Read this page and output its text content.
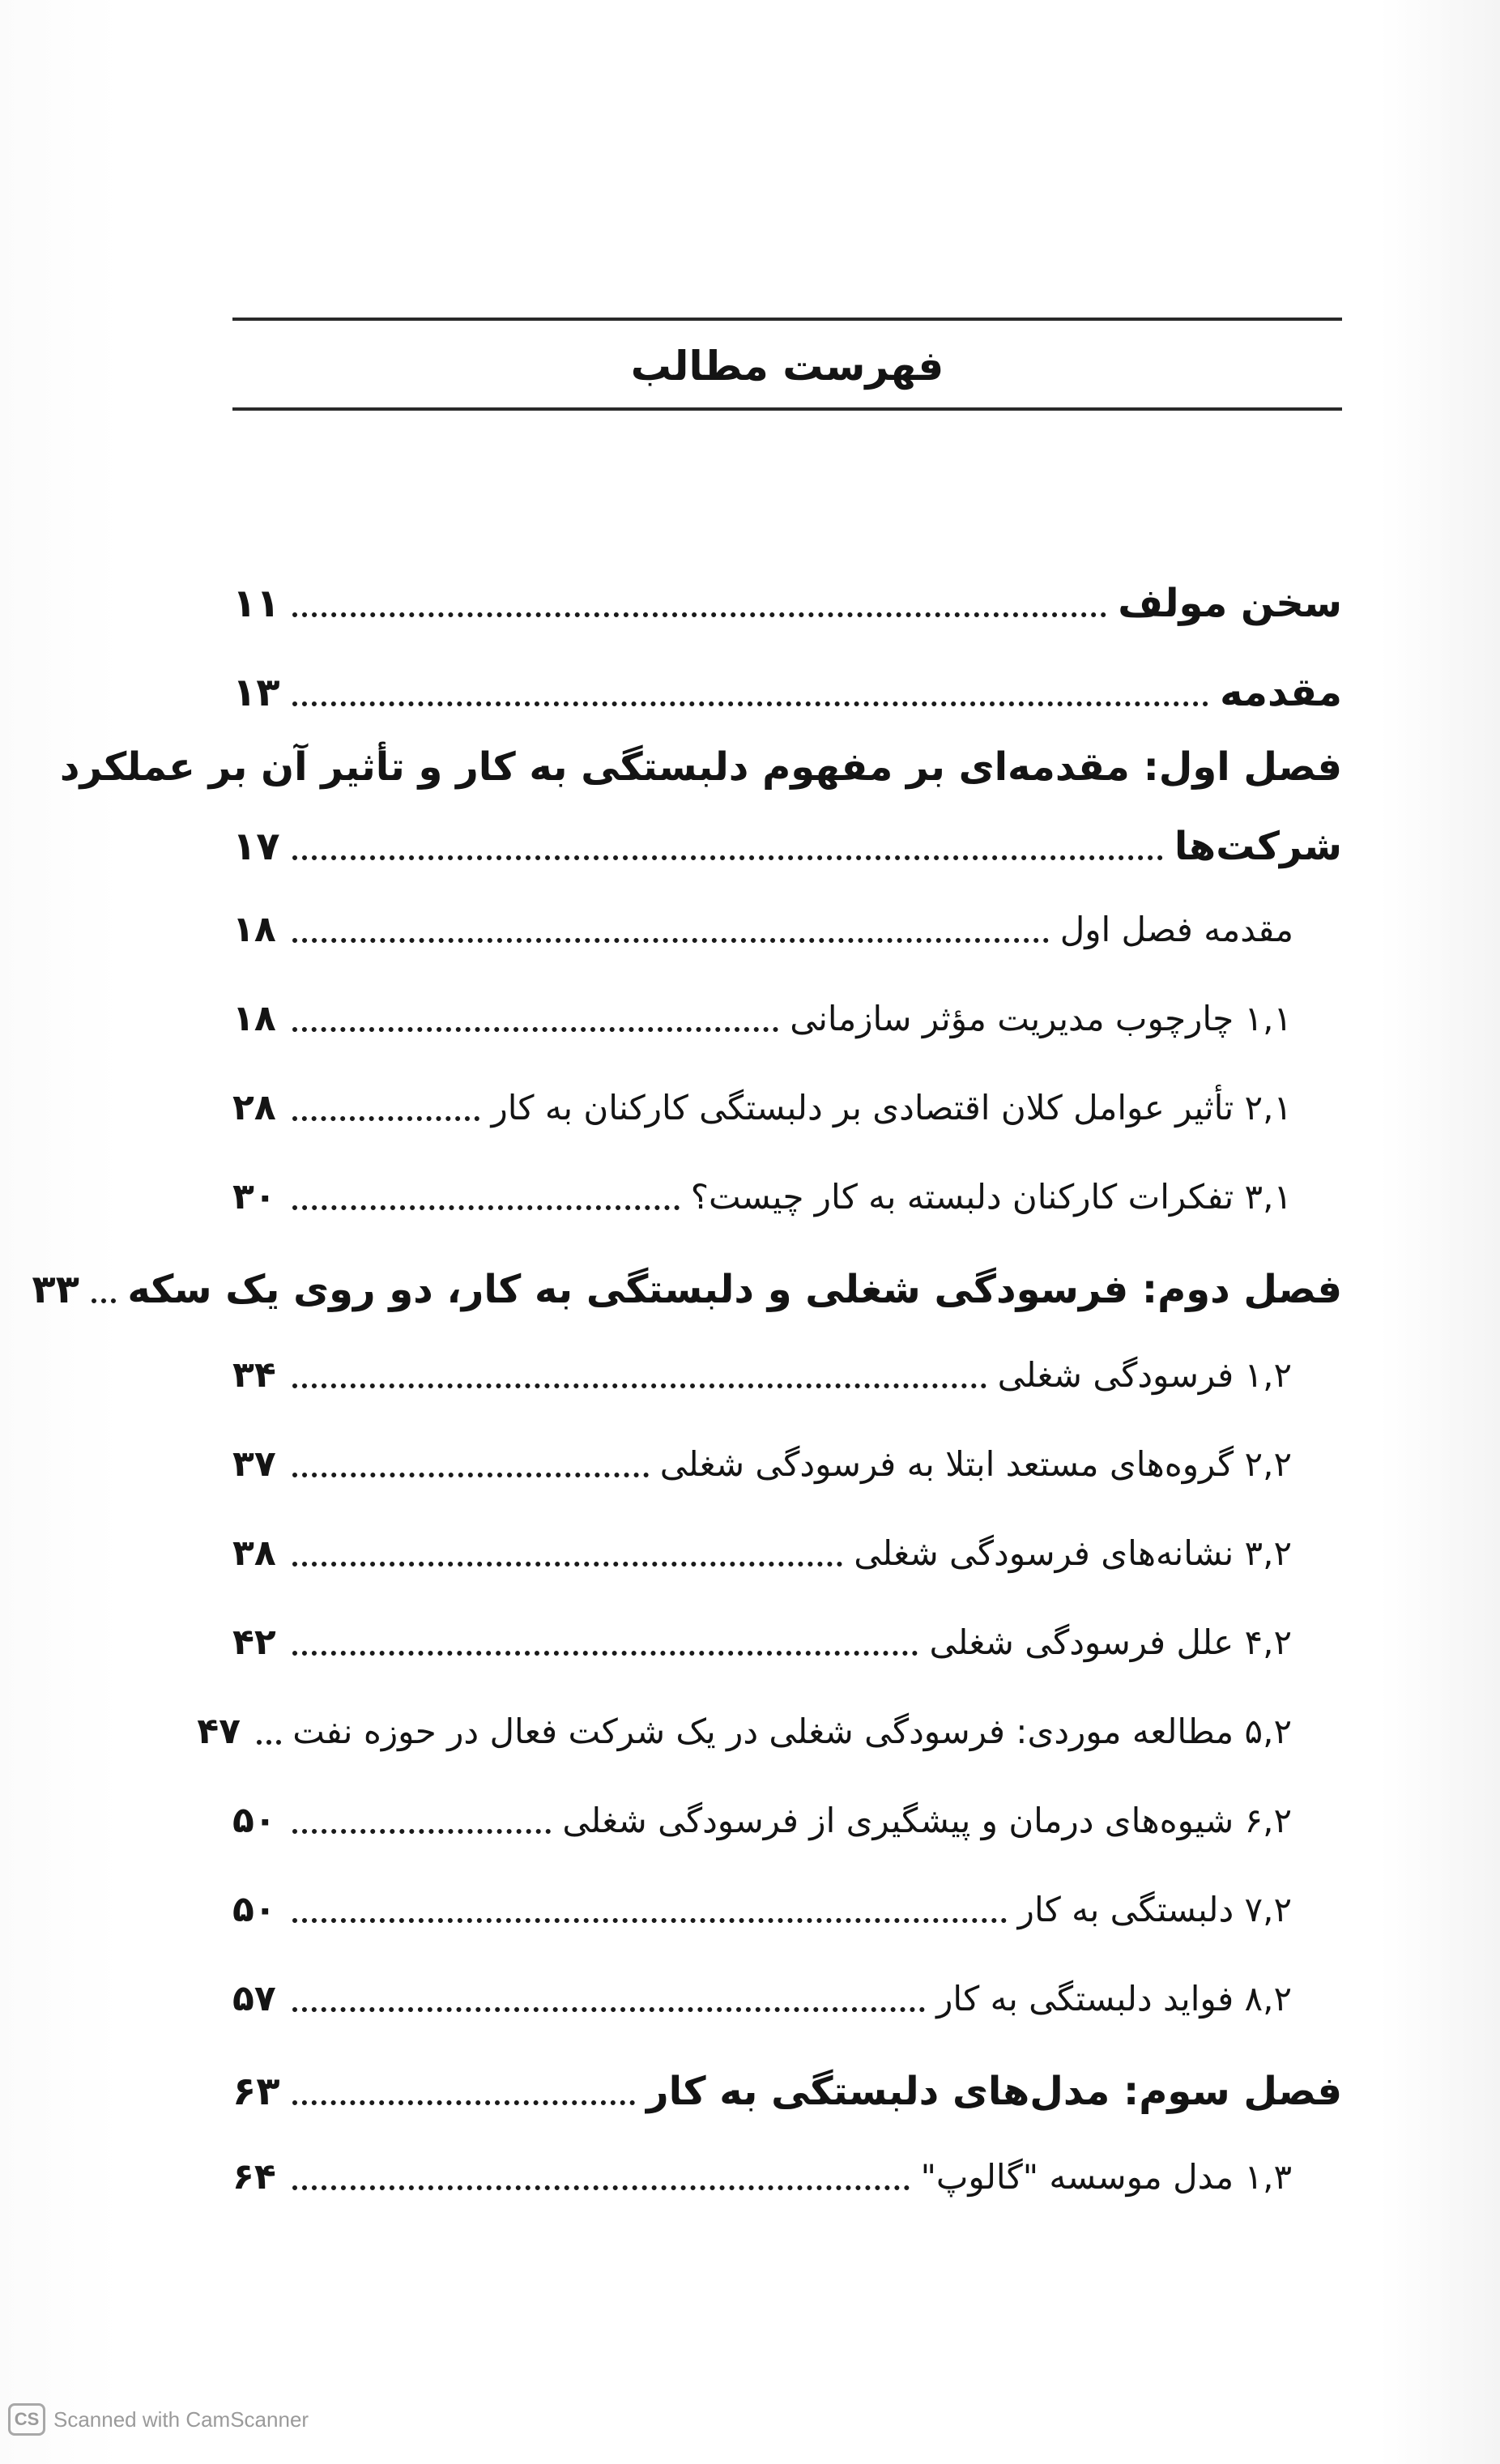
فهرست مطالب
سخن مولف
۱۱
مقدمه
۱۳
فصل اول: مقدمه‌ای بر مفهوم دلبستگی به کار و تأثیر آن بر عملکرد
شرکت‌ها
۱۷
مقدمه فصل اول
۱۸
۱,۱ چارچوب مدیریت مؤثر سازمانی
۱۸
۲,۱ تأثیر عوامل کلان اقتصادی بر دلبستگی کارکنان به کار
۲۸
۳,۱ تفکرات کارکنان دلبسته به کار چیست؟
۳۰
فصل دوم: فرسودگی شغلی و دلبستگی به کار، دو روی یک سکه
۳۳
۱,۲ فرسودگی شغلی
۳۴
۲,۲ گروه‌های مستعد ابتلا به فرسودگی شغلی
۳۷
۳,۲ نشانه‌های فرسودگی شغلی
۳۸
۴,۲ علل فرسودگی شغلی
۴۲
۵,۲ مطالعه موردی: فرسودگی شغلی در یک شرکت فعال در حوزه نفت
۴۷
۶,۲ شیوه‌های درمان و پیشگیری از فرسودگی شغلی
۵۰
۷,۲ دلبستگی به کار
۵۰
۸,۲ فواید دلبستگی به کار
۵۷
فصل سوم: مدل‌های دلبستگی به کار
۶۳
۱,۳ مدل موسسه "گالوپ"
۶۴
CS Scanned with CamScanner
